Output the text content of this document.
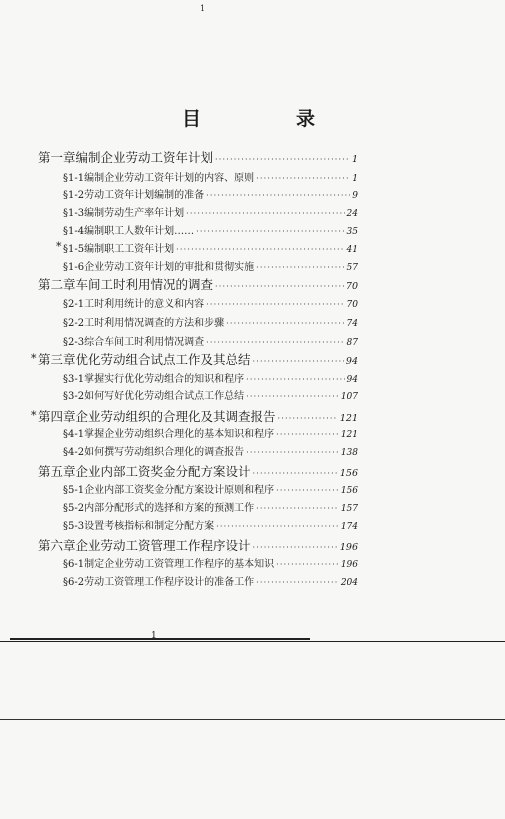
1
目　录
第一章 编制企业劳动工资年计划 ·····	1
§1-1 编制企业劳动工资年计划的内容、原则 ·····	1
§1-2 劳动工资年计划编制的准备 ·····	9
§1-3 编制劳动生产率年计划 ·····	24
§1-4 编制职工人数年计划…… ·····	35
§1-5 编制职工工资年计划 ·····	41
*
§1-6 企业劳动工资年计划的审批和贯彻实施 ·····	57
第二章 车间工时利用情况的调查 ·····	70
§2-1 工时利用统计的意义和内容 ·····	70
§2-2 工时利用情况调查的方法和步骤 ·····	74
§2-3 综合车间工时利用情况调查 ·····	87
第三章 优化劳动组合试点工作及其总结 ·····	94
*
§3-1 掌握实行优化劳动组合的知识和程序 ·····	94
§3-2 如何写好优化劳动组合试点工作总结 ·····	107
第四章 企业劳动组织的合理化及其调查报告 ·····	121
*
§4-1 掌握企业劳动组织合理化的基本知识和程序 ·····	121
§4-2 如何撰写劳动组织合理化的调查报告 ·····	138
第五章 企业内部工资奖金分配方案设计 ·····	156
§5-1 企业内部工资奖金分配方案设计原则和程序 ·····	156
§5-2 内部分配形式的选择和方案的预测工作 ·····	157
§5-3 设置考核指标和制定分配方案 ·····	174
第六章 企业劳动工资管理工作程序设计 ·····	196
§6-1 制定企业劳动工资管理工作程序的基本知识 ·····	196
§6-2 劳动工资管理工作程序设计的准备工作 ·····	204
1
